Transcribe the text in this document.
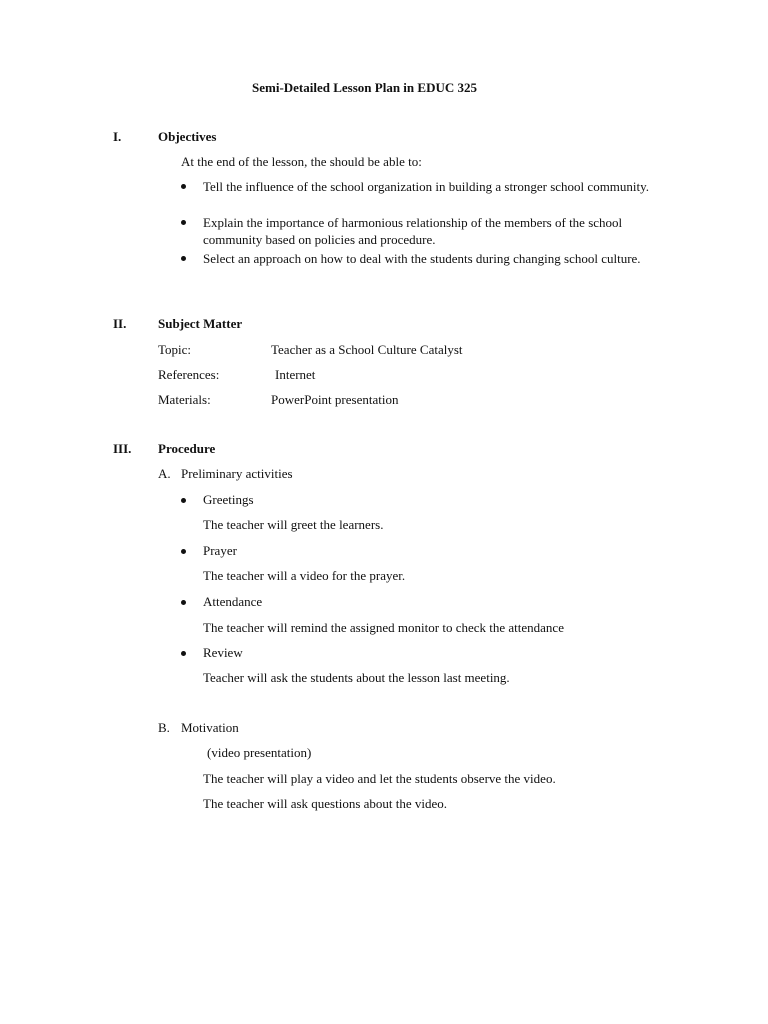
Semi-Detailed Lesson Plan in EDUC 325
I.	Objectives
At the end of the lesson, the should be able to:
Tell the influence of the school organization in building a stronger school community.
Explain the importance of harmonious relationship of the members of the school community based on policies and procedure.
Select an approach on how to deal with the students during changing school culture.
II. Subject Matter
Topic:	Teacher as a School Culture Catalyst
References:	Internet
Materials:	PowerPoint presentation
III. Procedure
A. Preliminary activities
Greetings
The teacher will greet the learners.
Prayer
The teacher will a video for the prayer.
Attendance
The teacher will remind the assigned monitor to check the attendance
Review
Teacher will ask the students about the lesson last meeting.
B. Motivation
(video presentation)
The teacher will play a video and let the students observe the video.
The teacher will ask questions about the video.
